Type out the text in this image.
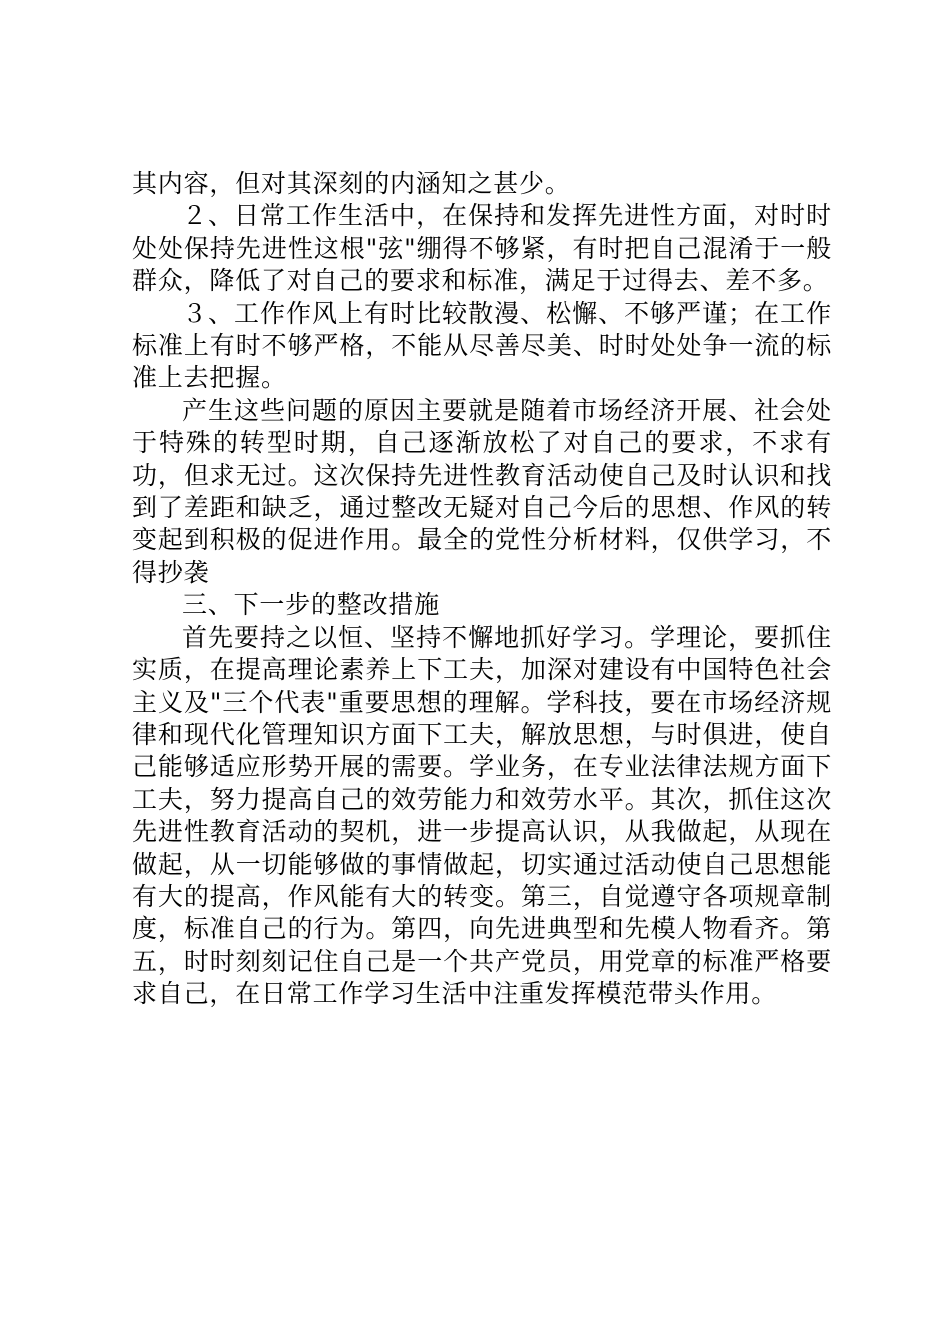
其内容，但对其深刻的内涵知之甚少。

２、日常工作生活中，在保持和发挥先进性方面，对时时处处保持先进性这根"弦"绷得不够紧，有时把自己混淆于一般群众，降低了对自己的要求和标准，满足于过得去、差不多。

３、工作作风上有时比较散漫、松懈、不够严谨；在工作标准上有时不够严格，不能从尽善尽美、时时处处争一流的标准上去把握。

产生这些问题的原因主要就是随着市场经济开展、社会处于特殊的转型时期，自己逐渐放松了对自己的要求，不求有功，但求无过。这次保持先进性教育活动使自己及时认识和找到了差距和缺乏，通过整改无疑对自己今后的思想、作风的转变起到积极的促进作用。最全的党性分析材料，仅供学习，不得抄袭

三、下一步的整改措施

首先要持之以恒、坚持不懈地抓好学习。学理论，要抓住实质，在提高理论素养上下工夫，加深对建设有中国特色社会主义及"三个代表"重要思想的理解。学科技，要在市场经济规律和现代化管理知识方面下工夫，解放思想，与时俱进，使自己能够适应形势开展的需要。学业务，在专业法律法规方面下工夫，努力提高自己的效劳能力和效劳水平。其次，抓住这次先进性教育活动的契机，进一步提高认识，从我做起，从现在做起，从一切能够做的事情做起，切实通过活动使自己思想能有大的提高，作风能有大的转变。第三，自觉遵守各项规章制度，标准自己的行为。第四，向先进典型和先模人物看齐。第五，时时刻刻记住自己是一个共产党员，用党章的标准严格要求自己，在日常工作学习生活中注重发挥模范带头作用。
